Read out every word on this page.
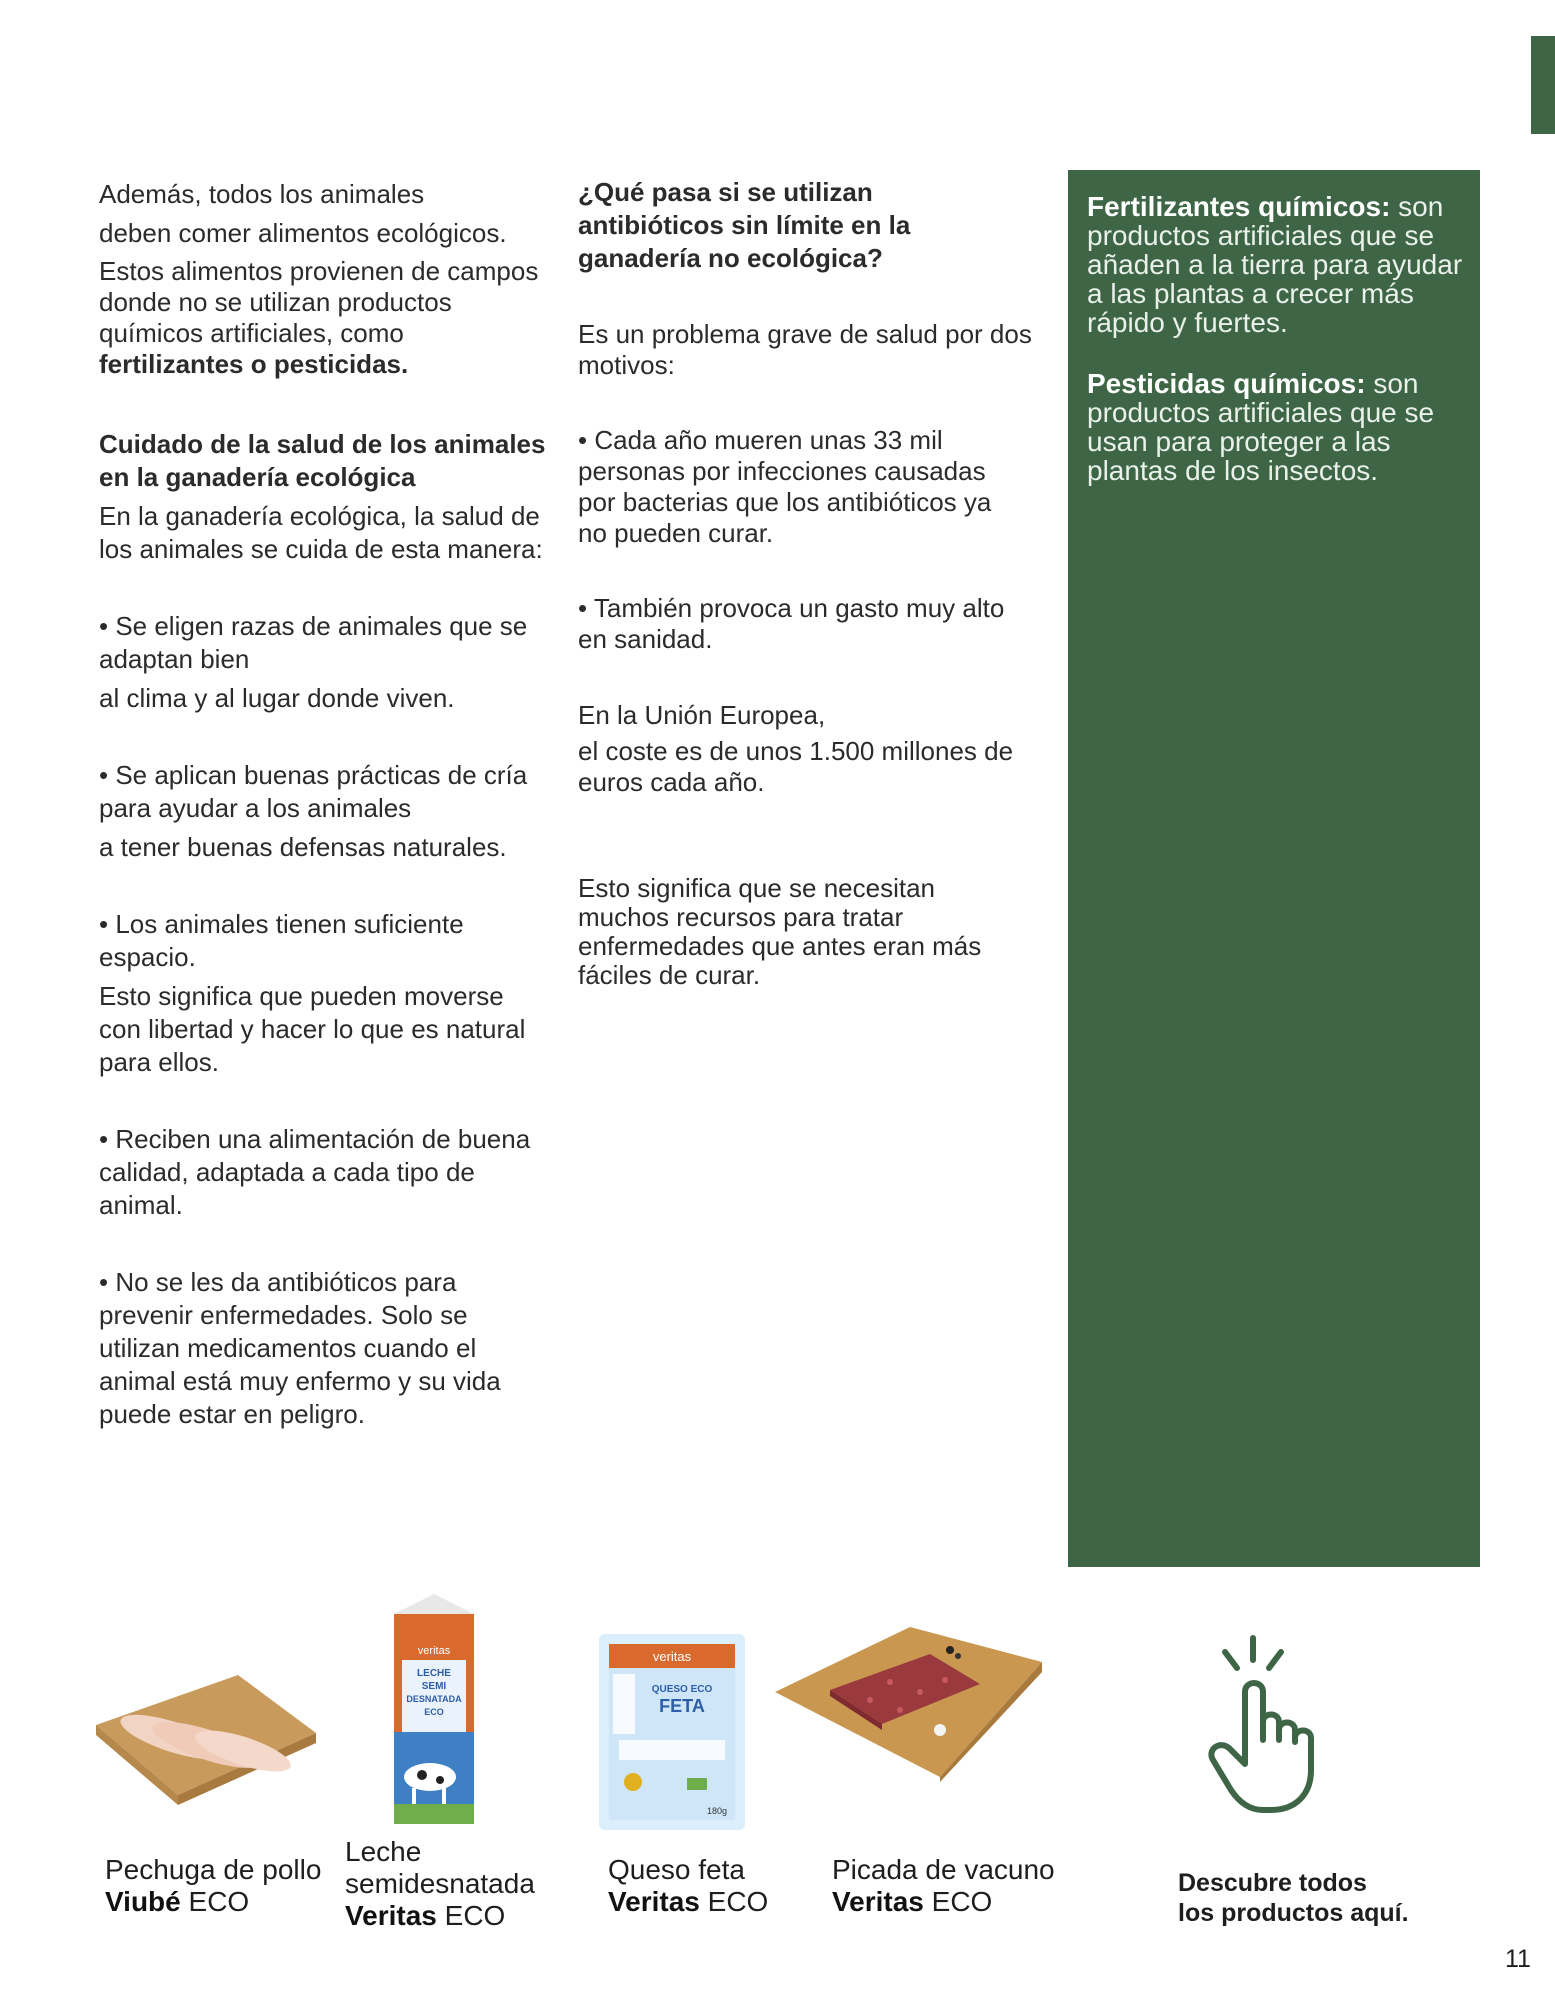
Además, todos los animales

deben comer alimentos ecológicos.

Estos alimentos provienen de campos donde no se utilizan productos químicos artificiales, como fertilizantes o pesticidas.

Cuidado de la salud de los animales en la ganadería ecológica

En la ganadería ecológica, la salud de los animales se cuida de esta manera:

• Se eligen razas de animales que se adaptan bien

al clima y al lugar donde viven.

• Se aplican buenas prácticas de cría para ayudar a los animales

a tener buenas defensas naturales.

• Los animales tienen suficiente espacio.

Esto significa que pueden moverse con libertad y hacer lo que es natural para ellos.

• Reciben una alimentación de buena calidad, adaptada a cada tipo de animal.

• No se les da antibióticos para prevenir enfermedades. Solo se utilizan medicamentos cuando el animal está muy enfermo y su vida puede estar en peligro.

¿Qué pasa si se utilizan antibióticos sin límite en la ganadería no ecológica?

Es un problema grave de salud por dos motivos:

• Cada año mueren unas 33 mil personas por infecciones causadas por bacterias que los antibióticos ya no pueden curar.

• También provoca un gasto muy alto en sanidad.

En la Unión Europea,

el coste es de unos 1.500 millones de euros cada año.

Esto significa que se necesitan muchos recursos para tratar enfermedades que antes eran más fáciles de curar.

Fertilizantes químicos: son productos artificiales que se añaden a la tierra para ayudar a las plantas a crecer más rápido y fuertes.

Pesticidas químicos: son productos artificiales que se usan para proteger a las plantas de los insectos.

veritas
LECHE
SEMI
DESNATADA
ECO
veritas
QUESO ECO
FETA
180g
Pechuga de pollo
Viubé ECO
Leche
semidesnatada
Veritas ECO
Queso feta
Veritas ECO
Picada de vacuno
Veritas ECO
Descubre todos
los productos aquí.
11
